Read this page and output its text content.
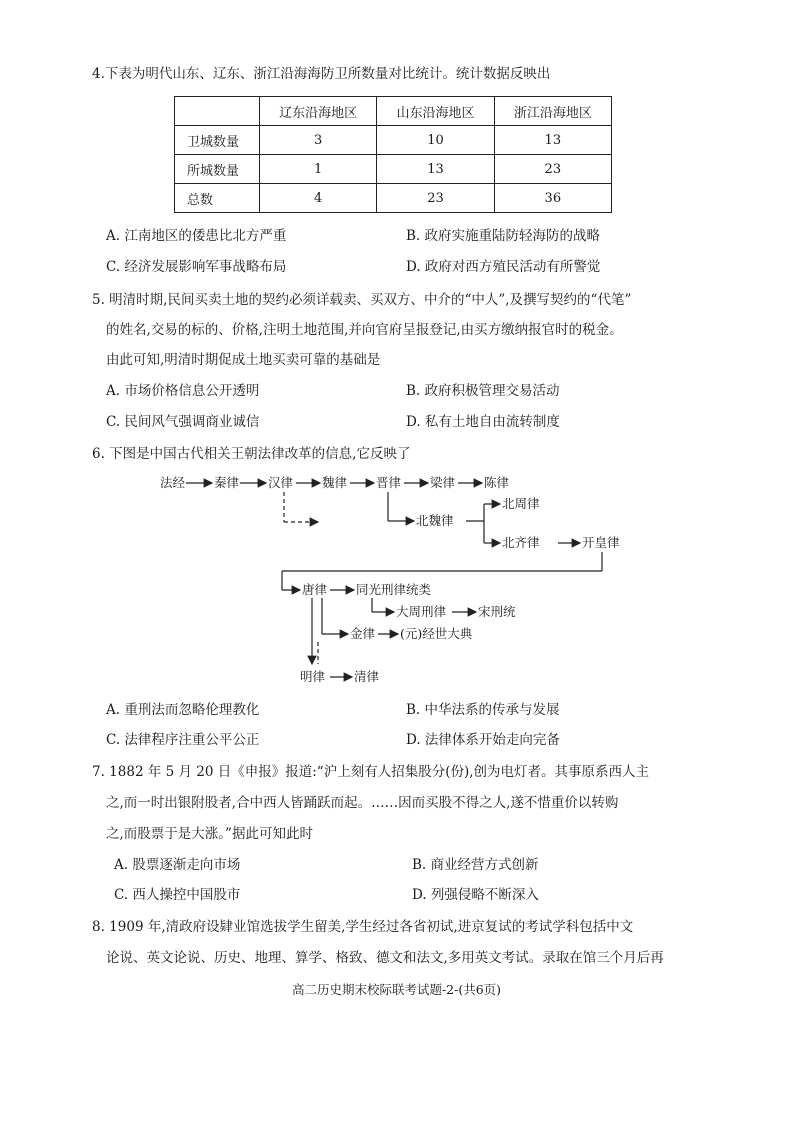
4.下表为明代山东、辽东、浙江沿海海防卫所数量对比统计。统计数据反映出
	辽东沿海地区	山东沿海地区	浙江沿海地区
卫城数量	3	10	13
所城数量	1	13	23
总数	4	23	36
A. 江南地区的倭患比北方严重	B. 政府实施重陆防轻海防的战略
C. 经济发展影响军事战略布局	D. 政府对西方殖民活动有所警觉
5. 明清时期,民间买卖土地的契约必须详载卖、买双方、中介的“中人”,及撰写契约的“代笔”
的姓名,交易的标的、价格,注明土地范围,并向官府呈报登记,由买方缴纳报官时的税金。
由此可知,明清时期促成土地买卖可靠的基础是
A. 市场价格信息公开透明	B. 政府积极管理交易活动
C. 民间风气强调商业诚信	D. 私有土地自由流转制度
6. 下图是中国古代相关王朝法律改革的信息,它反映了
法经 秦律 汉律 魏律 晋律 梁律 陈律
北周律
北魏律
北齐律	开皇律
唐律 同光刑律统类
大周刑律	宋刑统
金律 (元)经世大典
明律 清律
A. 重刑法而忽略伦理教化	B. 中华法系的传承与发展
C. 法律程序注重公平公正	D. 法律体系开始走向完备
7. 1882 年 5 月 20 日《申报》报道:“沪上刻有人招集股分(份),创为电灯者。其事原系西人主
之,而一时出银附股者,合中西人皆踊跃而起。……因而买股不得之人,遂不惜重价以转购
之,而股票于是大涨。”据此可知此时
A. 股票逐渐走向市场	B. 商业经营方式创新
C. 西人操控中国股市	D. 列强侵略不断深入
8. 1909 年,清政府设肄业馆选拔学生留美,学生经过各省初试,进京复试的考试学科包括中文
论说、英文论说、历史、地理、算学、格致、德文和法文,多用英文考试。录取在馆三个月后再
高二历史期末校际联考试题-2-(共6页)
